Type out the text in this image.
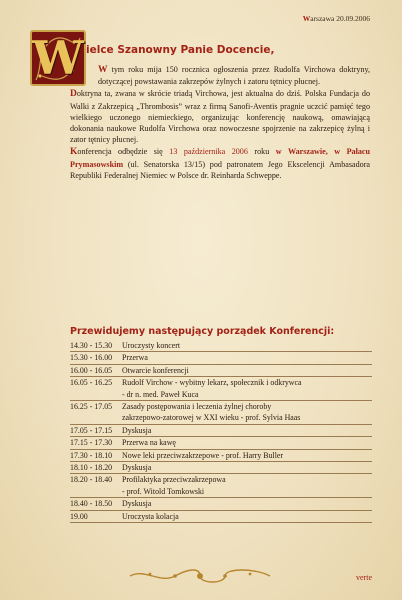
Warszawa 20.09.2006
W ielce Szanowny Panie Docencie,

W tym roku mija 150 rocznica ogłoszenia przez Rudolfa Virchowa doktryny, dotyczącej powstawania zakrzepów żylnych i zatoru tętnicy płucnej.

Doktryna ta, zwana w skrócie triadą Virchowa, jest aktualna do dziś. Polska Fundacja do Walki z Zakrzepicą „Thrombosis” wraz z firmą Sanofi-Aventis pragnie uczcić pamięć tego wielkiego uczonego niemieckiego, organizując konferencję naukową, omawiającą dokonania naukowe Rudolfa Virchowa oraz nowoczesne spojrzenie na zakrzepicę żylną i zator tętnicy płucnej.

Konferencja odbędzie się 13 października 2006 roku w Warszawie, w Pałacu Prymasowskim (ul. Senatorska 13/15) pod patronatem Jego Ekscelencji Ambasadora Republiki Federalnej Niemiec w Polsce dr. Reinharda Schweppe.

Przewidujemy następujący porządek Konferencji:
14.30 - 15.30	Uroczysty koncert
15.30 - 16.00	Przerwa
16.00 - 16.05	Otwarcie konferencji
16.05 - 16.25	Rudolf Virchow - wybitny lekarz, społecznik i odkrywca
- dr n. med. Paweł Kuca
16.25 - 17.05	Zasady postępowania i leczenia żylnej choroby
zakrzepowo-zatorowej w XXI wieku - prof. Sylvia Haas
17.05 - 17.15	Dyskusja
17.15 - 17.30	Przerwa na kawę
17.30 - 18.10	Nowe leki przeciwzakrzepowe - prof. Harry Buller
18.10 - 18.20	Dyskusja
18.20 - 18.40	Profilaktyka przeciwzakrzepowa
- prof. Witold Tomkowski
18.40 - 18.50	Dyskusja
19.00	Uroczysta kolacja
verte
